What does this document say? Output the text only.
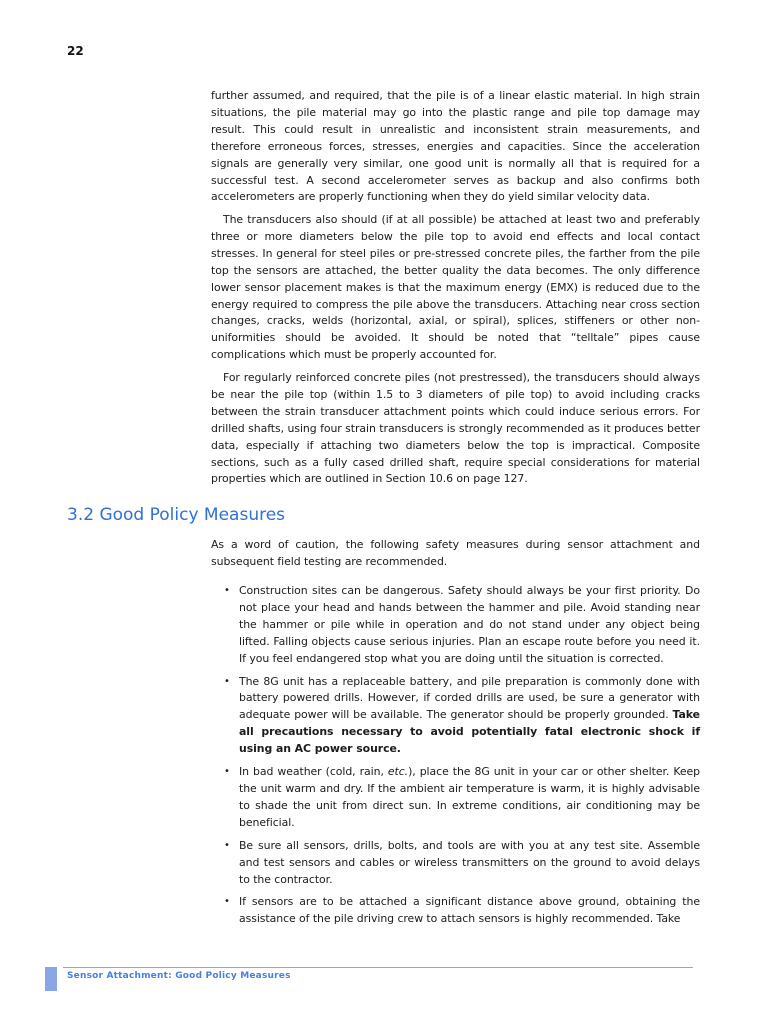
22

further assumed, and required, that the pile is of a linear elastic material. In high strain situations, the pile material may go into the plastic range and pile top damage may result. This could result in unrealistic and inconsistent strain measurements, and therefore erroneous forces, stresses, energies and capacities. Since the acceleration signals are generally very similar, one good unit is normally all that is required for a successful test. A second accelerometer serves as backup and also confirms both accelerometers are properly functioning when they do yield similar velocity data.

The transducers also should (if at all possible) be attached at least two and preferably three or more diameters below the pile top to avoid end effects and local contact stresses. In general for steel piles or pre-stressed concrete piles, the farther from the pile top the sensors are attached, the better quality the data becomes. The only difference lower sensor placement makes is that the maximum energy (EMX) is reduced due to the energy required to compress the pile above the transducers. Attaching near cross section changes, cracks, welds (horizontal, axial, or spiral), splices, stiffeners or other non-uniformities should be avoided. It should be noted that “telltale” pipes cause complications which must be properly accounted for.

For regularly reinforced concrete piles (not prestressed), the transducers should always be near the pile top (within 1.5 to 3 diameters of pile top) to avoid including cracks between the strain transducer attachment points which could induce serious errors. For drilled shafts, using four strain transducers is strongly recommended as it produces better data, especially if attaching two diameters below the top is impractical. Composite sections, such as a fully cased drilled shaft, require special considerations for material properties which are outlined in Section 10.6 on page 127.

3.2 Good Policy Measures

As a word of caution, the following safety measures during sensor attachment and subsequent field testing are recommended.

• Construction sites can be dangerous. Safety should always be your first priority. Do not place your head and hands between the hammer and pile. Avoid standing near the hammer or pile while in operation and do not stand under any object being lifted. Falling objects cause serious injuries. Plan an escape route before you need it. If you feel endangered stop what you are doing until the situation is corrected.
• The 8G unit has a replaceable battery, and pile preparation is commonly done with battery powered drills. However, if corded drills are used, be sure a generator with adequate power will be available. The generator should be properly grounded. Take all precautions necessary to avoid potentially fatal electronic shock if using an AC power source.
• In bad weather (cold, rain, etc.), place the 8G unit in your car or other shelter. Keep the unit warm and dry. If the ambient air temperature is warm, it is highly advisable to shade the unit from direct sun. In extreme conditions, air conditioning may be beneficial.
• Be sure all sensors, drills, bolts, and tools are with you at any test site. Assemble and test sensors and cables or wireless transmitters on the ground to avoid delays to the contractor.
• If sensors are to be attached a significant distance above ground, obtaining the assistance of the pile driving crew to attach sensors is highly recommended. Take
Sensor Attachment: Good Policy Measures
